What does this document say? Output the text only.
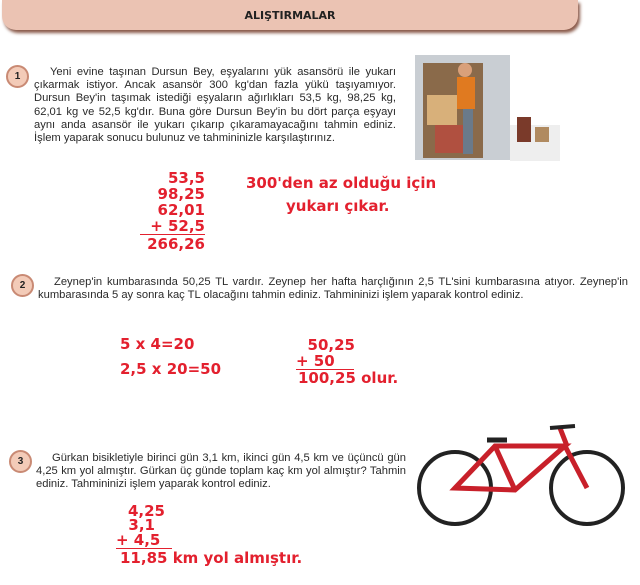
ALIŞTIRMALAR
1	Yeni evine taşınan Dursun Bey, eşyalarını yük asansörü ile yukarı çıkarmak istiyor. Ancak asansör 300 kg'dan fazla yükü taşıyamıyor. Dursun Bey'in taşımak istediği eşyaların ağırlıkları 53,5 kg, 98,25 kg, 62,01 kg ve 52,5 kg'dır. Buna göre Dursun Bey'in bu dört parça eşyayı aynı anda asansör ile yukarı çıkarıp çıkaramayacağını tahmin ediniz. İşlem yaparak sonucu bulunuz ve tahmininizle karşılaştırınız.
53,5
98,25
62,01
+ 52,5
266,26
300'den az olduğu için
yukarı çıkar.
2	Zeynep'in kumbarasında 50,25 TL vardır. Zeynep her hafta harçlığının 2,5 TL'sini kumbarasına atıyor. Zeynep'in kumbarasında 5 ay sonra kaç TL olacağını tahmin ediniz. Tahmininizi işlem yaparak kontrol ediniz.
5 x 4=20
2,5 x 20=50
50,25
+ 50
100,25 olur.
3	Gürkan bisikletiyle birinci gün 3,1 km, ikinci gün 4,5 km ve üçüncü gün 4,25 km yol almıştır. Gürkan üç günde toplam kaç km yol almıştır? Tahmin ediniz. Tahmininizi işlem yaparak kontrol ediniz.
4,25
3,1
+ 4,5
11,85 km yol almıştır.
